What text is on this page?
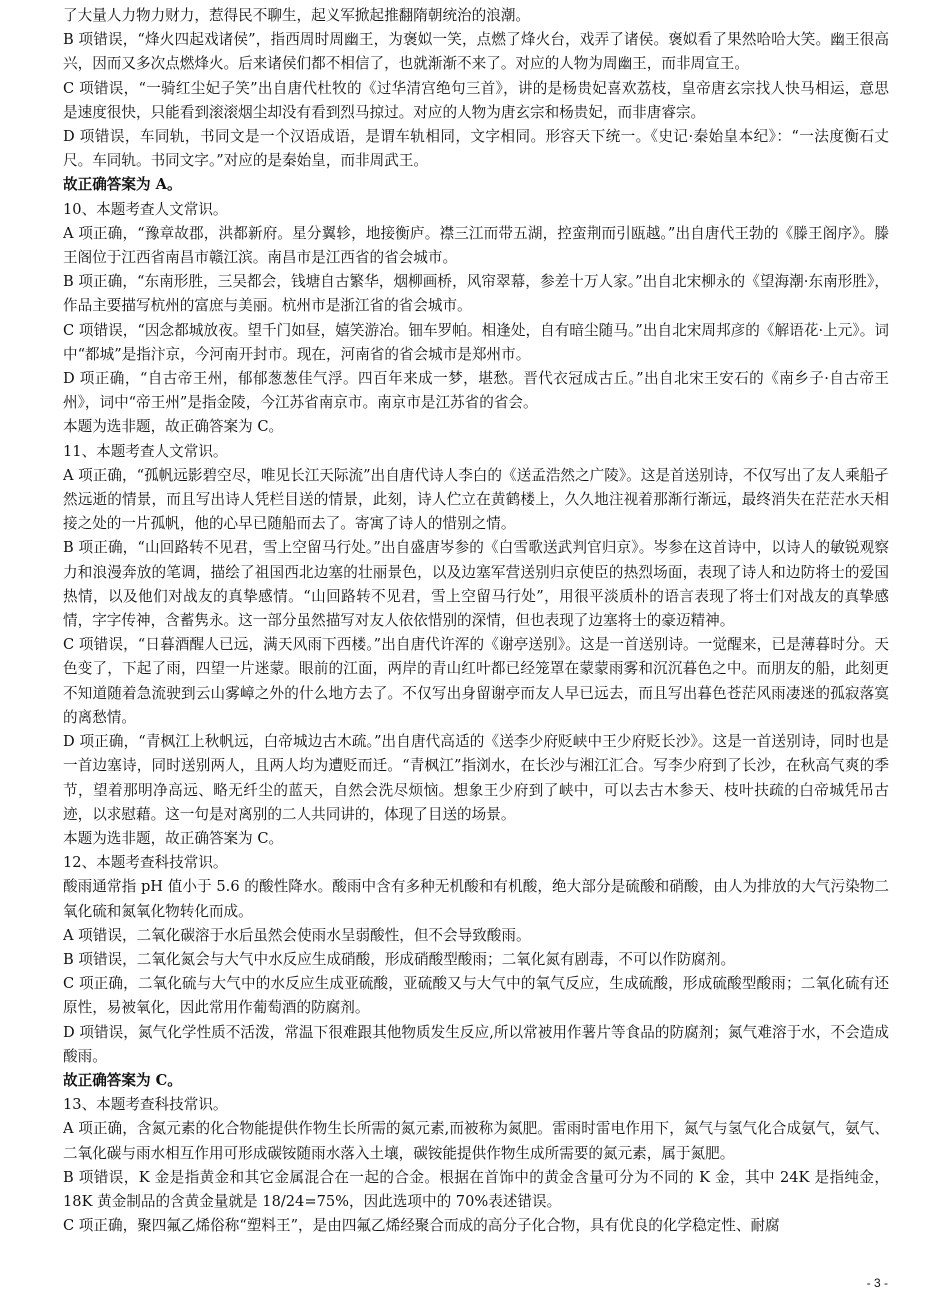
了大量人力物力财力，惹得民不聊生，起义军掀起推翻隋朝统治的浪潮。

B 项错误，“烽火四起戏诸侯”，指西周时周幽王，为褒姒一笑，点燃了烽火台，戏弄了诸侯。褒姒看了果然哈哈大笑。幽王很高兴，因而又多次点燃烽火。后来诸侯们都不相信了，也就渐渐不来了。对应的人物为周幽王，而非周宣王。

C 项错误，“一骑红尘妃子笑”出自唐代杜牧的《过华清宫绝句三首》，讲的是杨贵妃喜欢荔枝，皇帝唐玄宗找人快马相运，意思是速度很快，只能看到滚滚烟尘却没有看到烈马掠过。对应的人物为唐玄宗和杨贵妃，而非唐睿宗。

D 项错误，车同轨，书同文是一个汉语成语，是谓车轨相同，文字相同。形容天下统一。《史记·秦始皇本纪》：“一法度衡石丈尺。车同轨。书同文字。”对应的是秦始皇，而非周武王。

故正确答案为 A。

10、本题考查人文常识。

A 项正确，“豫章故郡，洪都新府。星分翼轸，地接衡庐。襟三江而带五湖，控蛮荆而引瓯越。”出自唐代王勃的《滕王阁序》。滕王阁位于江西省南昌市赣江滨。南昌市是江西省的省会城市。

B 项正确，“东南形胜，三吴都会，钱塘自古繁华，烟柳画桥，风帘翠幕，参差十万人家。”出自北宋柳永的《望海潮·东南形胜》，作品主要描写杭州的富庶与美丽。杭州市是浙江省的省会城市。

C 项错误，“因念都城放夜。望千门如昼，嬉笑游冶。钿车罗帕。相逢处，自有暗尘随马。”出自北宋周邦彦的《解语花·上元》。词中“都城”是指汴京，今河南开封市。现在，河南省的省会城市是郑州市。

D 项正确，“自古帝王州，郁郁葱葱佳气浮。四百年来成一梦，堪愁。晋代衣冠成古丘。”出自北宋王安石的《南乡子·自古帝王州》，词中“帝王州”是指金陵，今江苏省南京市。南京市是江苏省的省会。

本题为选非题，故正确答案为 C。

11、本题考查人文常识。

A 项正确，“孤帆远影碧空尽，唯见长江天际流”出自唐代诗人李白的《送孟浩然之广陵》。这是首送别诗，不仅写出了友人乘船孑然远逝的情景，而且写出诗人凭栏目送的情景，此刻，诗人伫立在黄鹤楼上，久久地注视着那渐行渐远，最终消失在茫茫水天相接之处的一片孤帆，他的心早已随船而去了。寄寓了诗人的惜别之情。

B 项正确，“山回路转不见君，雪上空留马行处。”出自盛唐岑参的《白雪歌送武判官归京》。岑参在这首诗中，以诗人的敏锐观察力和浪漫奔放的笔调，描绘了祖国西北边塞的壮丽景色，以及边塞军营送别归京使臣的热烈场面，表现了诗人和边防将士的爱国热情，以及他们对战友的真挚感情。“山回路转不见君，雪上空留马行处”，用很平淡质朴的语言表现了将士们对战友的真挚感情，字字传神，含蓄隽永。这一部分虽然描写对友人依依惜别的深情，但也表现了边塞将士的豪迈精神。

C 项错误，“日暮酒醒人已远，满天风雨下西楼。”出自唐代许浑的《谢亭送别》。这是一首送别诗。一觉醒来，已是薄暮时分。天色变了，下起了雨，四望一片迷蒙。眼前的江面，两岸的青山红叶都已经笼罩在蒙蒙雨雾和沉沉暮色之中。而朋友的船，此刻更不知道随着急流驶到云山雾嶂之外的什么地方去了。不仅写出身留谢亭而友人早已远去，而且写出暮色苍茫风雨凄迷的孤寂落寞的离愁情。

D 项正确，“青枫江上秋帆远，白帝城边古木疏。”出自唐代高适的《送李少府贬峡中王少府贬长沙》。这是一首送别诗，同时也是一首边塞诗，同时送别两人，且两人均为遭贬而迁。“青枫江”指浏水，在长沙与湘江汇合。写李少府到了长沙，在秋高气爽的季节，望着那明净高远、略无纤尘的蓝天，自然会洗尽烦恼。想象王少府到了峡中，可以去古木参天、枝叶扶疏的白帝城凭吊古迹，以求慰藉。这一句是对离别的二人共同讲的，体现了目送的场景。

本题为选非题，故正确答案为 C。

12、本题考查科技常识。

酸雨通常指 pH 值小于 5.6 的酸性降水。酸雨中含有多种无机酸和有机酸，绝大部分是硫酸和硝酸，由人为排放的大气污染物二氧化硫和氮氧化物转化而成。

A 项错误，二氧化碳溶于水后虽然会使雨水呈弱酸性，但不会导致酸雨。

B 项错误，二氧化氮会与大气中水反应生成硝酸，形成硝酸型酸雨；二氧化氮有剧毒，不可以作防腐剂。

C 项正确，二氧化硫与大气中的水反应生成亚硫酸，亚硫酸又与大气中的氧气反应，生成硫酸，形成硫酸型酸雨；二氧化硫有还原性，易被氧化，因此常用作葡萄酒的防腐剂。

D 项错误，氮气化学性质不活泼，常温下很难跟其他物质发生反应,所以常被用作薯片等食品的防腐剂；氮气难溶于水，不会造成酸雨。

故正确答案为 C。

13、本题考查科技常识。

A 项正确，含氮元素的化合物能提供作物生长所需的氮元素,而被称为氮肥。雷雨时雷电作用下，氮气与氢气化合成氨气，氨气、二氧化碳与雨水相互作用可形成碳铵随雨水落入土壤，碳铵能提供作物生成所需要的氮元素，属于氮肥。

B 项错误，K 金是指黄金和其它金属混合在一起的合金。根据在首饰中的黄金含量可分为不同的 K 金，其中 24K 是指纯金，18K 黄金制品的含黄金量就是 18/24=75%，因此选项中的 70%表述错误。

C 项正确，聚四氟乙烯俗称“塑料王”，是由四氟乙烯经聚合而成的高分子化合物，具有优良的化学稳定性、耐腐

- 3 -
